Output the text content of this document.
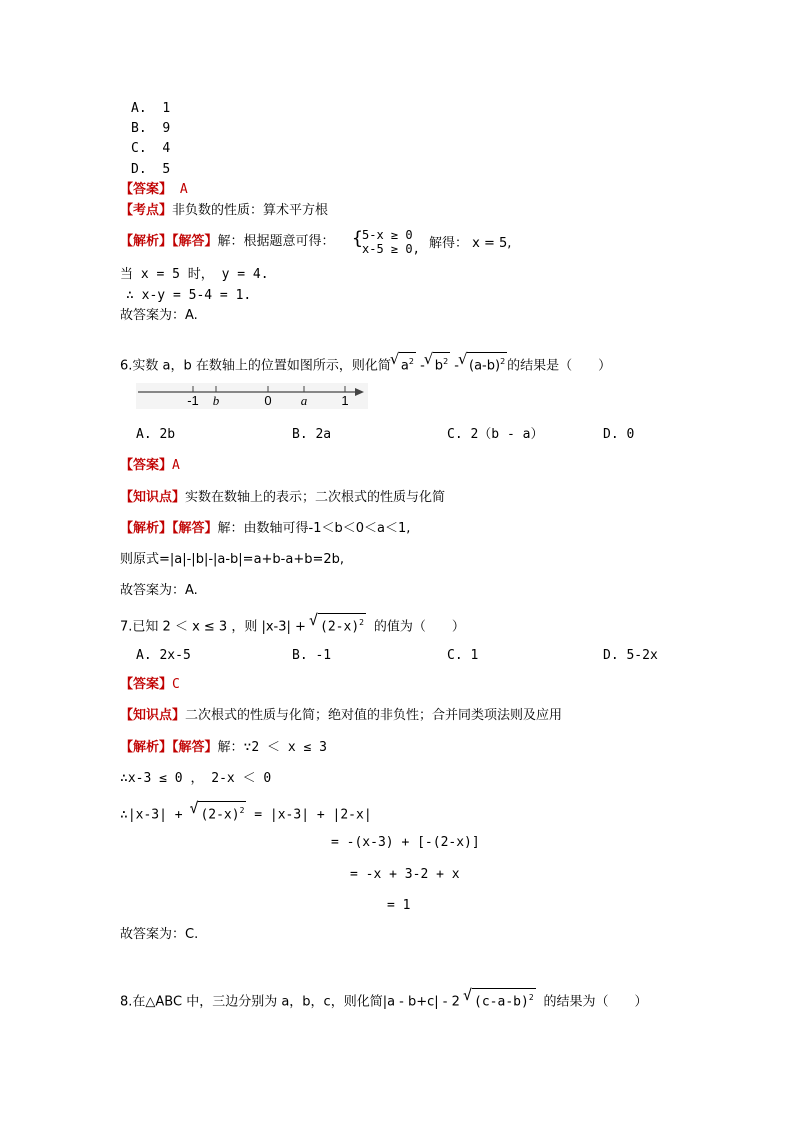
A. 1
B. 9
C. 4
D. 5
【答案】 A
【考点】非负数的性质：算术平方根
【解析】【解答】解：根据题意可得： { 5-x ≥ 0
x-5 ≥ 0, 解得： x = 5,
当 x = 5 时， y = 4.
∴ x-y = 5-4 = 1.
故答案为：A.
6.实数 a，b 在数轴上的位置如图所示，则化简 √ $a^2$ - √ $b^2$ - √ $(a-b)^2$ 的结果是（　　）
-1 b	0 a	1
A. 2b	B. 2a	C. 2（b - a）	D. 0
【答案】A
【知识点】实数在数轴上的表示；二次根式的性质与化简
【解析】【解答】解：由数轴可得-1＜b＜0＜a＜1,
则原式=|a|-|b|-|a-b|=a+b-a+b=2b,
故答案为：A.
7.已知 2 ＜ x ≤ 3 ，则 |x-3| + √ $(2-x)^2$ 的值为（　　）
A. 2x-5	B. -1	C. 1	D. 5-2x
【答案】C
【知识点】二次根式的性质与化简；绝对值的非负性；合并同类项法则及应用
【解析】【解答】解：∵2 ＜ x ≤ 3
∴x-3 ≤ 0 ， 2-x ＜ 0
∴|x-3| + √ $(2-x)^2 = |x-3| + |2-x|$
= -(x-3) + [-(2-x)]
= -x + 3-2 + x
= 1
故答案为：C.
8.在△ABC 中，三边分别为 a，b，c，则化简|a - b+c| - 2 √ $(c-a-b)^2$ 的结果为（　　）
